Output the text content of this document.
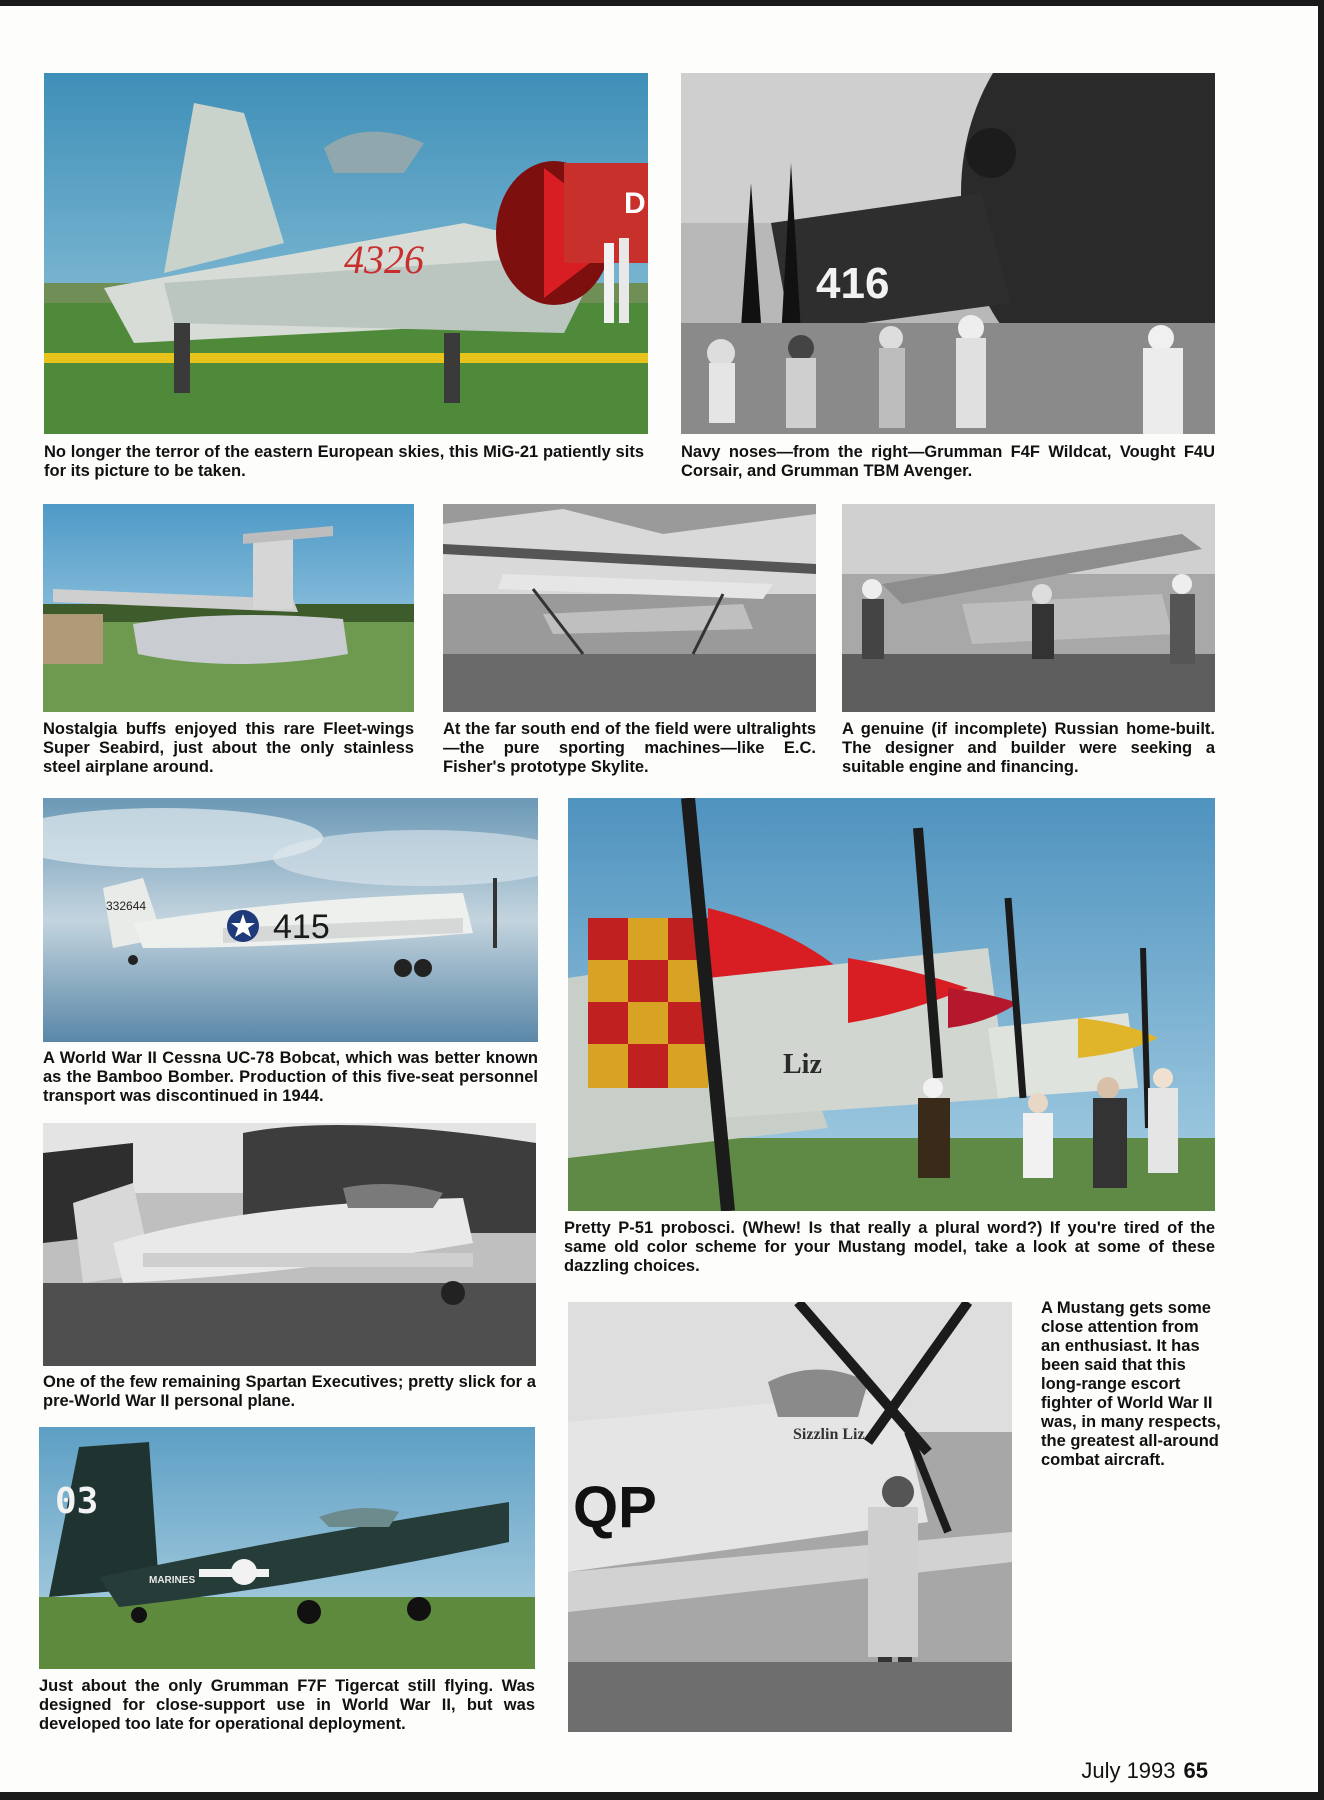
D
4326
No longer the terror of the eastern European skies, this MiG-21 patiently sits for its picture to be taken.
416
Navy noses—from the right—Grumman F4F Wildcat, Vought F4U Corsair, and Grumman TBM Avenger.
Nostalgia buffs enjoyed this rare Fleet-wings Super Seabird, just about the only stainless steel airplane around.
At the far south end of the field were ultralights—the pure sporting machines—like E.C. Fisher's prototype Skylite.
A genuine (if incomplete) Russian home-built. The designer and builder were seeking a suitable engine and financing.
415
332644
A World War II Cessna UC-78 Bobcat, which was better known as the Bamboo Bomber. Production of this five-seat personnel transport was discontinued in 1944.
Liz
Pretty P-51 probosci. (Whew! Is that really a plural word?) If you're tired of the same old color scheme for your Mustang model, take a look at some of these dazzling choices.
One of the few remaining Spartan Executives; pretty slick for a pre-World War II personal plane.
Sizzlin Liz
QP
A Mustang gets some close attention from an enthusiast. It has been said that this long-range escort fighter of World War II was, in many respects, the greatest all-around combat aircraft.
03
MARINES
Just about the only Grumman F7F Tigercat still flying. Was designed for close-support use in World War II, but was developed too late for operational deployment.
July 1993 65
